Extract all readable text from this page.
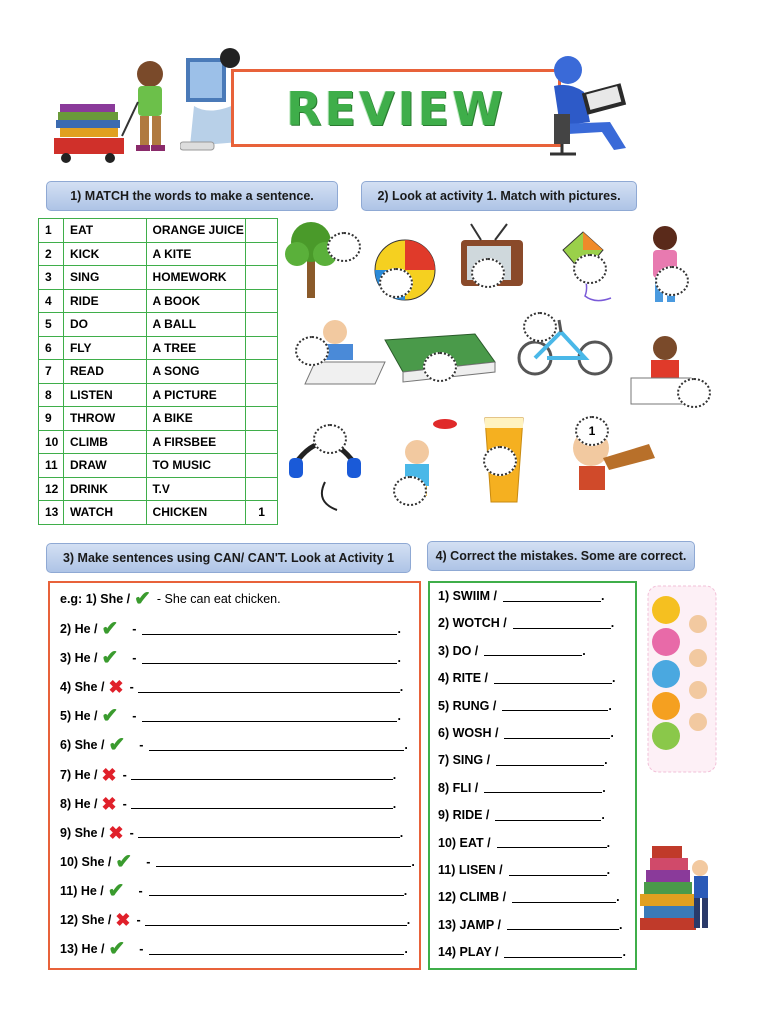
REVIEW
1) MATCH the words to make a sentence.	2) Look at activity 1. Match with pictures.
1	EAT	ORANGE JUICE	
2	KICK	A KITE	
3	SING	HOMEWORK	
4	RIDE	A BOOK	
5	DO	A BALL	
6	FLY	A TREE	
7	READ	A SONG	
8	LISTEN	A PICTURE	
9	THROW	A BIKE	
10	CLIMB	A FIRSBEE	
11	DRAW	TO MUSIC	
12	DRINK	T.V	
13	WATCH	CHICKEN	1
1
3) Make sentences using CAN/ CAN'T. Look at Activity 1	4) Correct the mistakes. Some are correct.
e.g: 1) She / ✔ - She can eat chicken.
2) He / ✔ -	.
3) He / ✔ -	.
4) She / ✖ -	.
5) He / ✔ -	.
6) She / ✔ -	.
7) He / ✖ -	.
8) He / ✖ -	.
9) She / ✖ -	.
10) She / ✔ -	.
11) He / ✔ -	.
12) She / ✖ -	.
13) He / ✔ -	.
1) SWIIM /	.
2) WOTCH /	.
3) DO /	.
4) RITE /	.
5) RUNG /	.
6) WOSH /	.
7) SING /	.
8) FLI /	.
9) RIDE /	.
10) EAT /	.
11) LISEN /	.
12) CLIMB /	.
13) JAMP /	.
14) PLAY /	.
